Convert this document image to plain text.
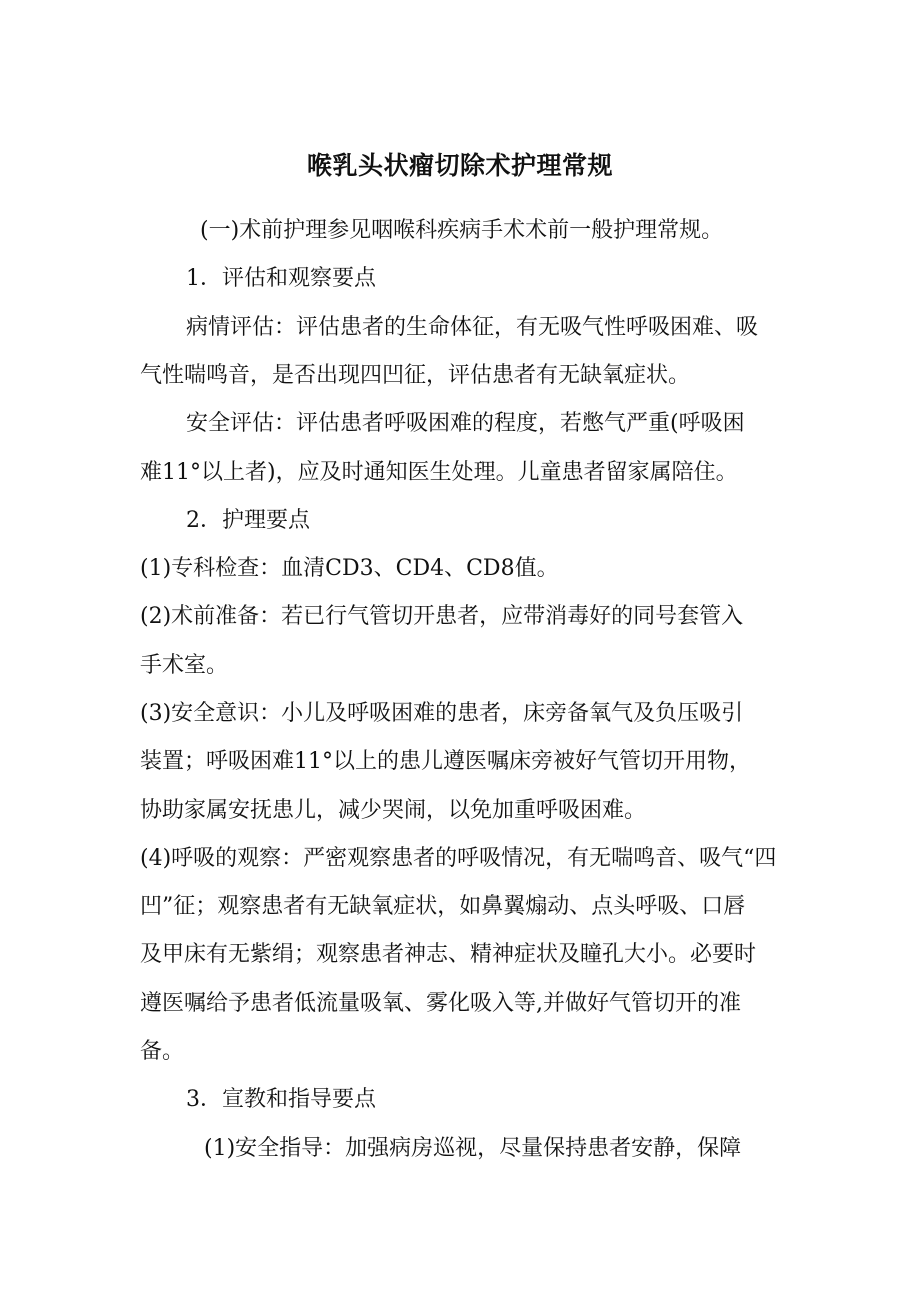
喉乳头状瘤切除术护理常规
(一)术前护理参见咽喉科疾病手术术前一般护理常规。
1．评估和观察要点
病情评估：评估患者的生命体征，有无吸气性呼吸困难、吸
气性喘鸣音，是否出现四凹征，评估患者有无缺氧症状。
安全评估：评估患者呼吸困难的程度，若憋气严重(呼吸困
难11°以上者)，应及时通知医生处理。儿童患者留家属陪住。
2．护理要点
(1)专科检查：血清CD3、CD4、CD8值。
(2)术前准备：若已行气管切开患者，应带消毒好的同号套管入
手术室。
(3)安全意识：小儿及呼吸困难的患者，床旁备氧气及负压吸引
装置；呼吸困难11°以上的患儿遵医嘱床旁被好气管切开用物，
协助家属安抚患儿，减少哭闹，以免加重呼吸困难。
(4)呼吸的观察：严密观察患者的呼吸情况，有无喘鸣音、吸气“四
凹”征；观察患者有无缺氧症状，如鼻翼煽动、点头呼吸、口唇
及甲床有无紫绢；观察患者神志、精神症状及瞳孔大小。必要时
遵医嘱给予患者低流量吸氧、雾化吸入等,并做好气管切开的准
备。
3．宣教和指导要点
(1)安全指导：加强病房巡视，尽量保持患者安静，保障
